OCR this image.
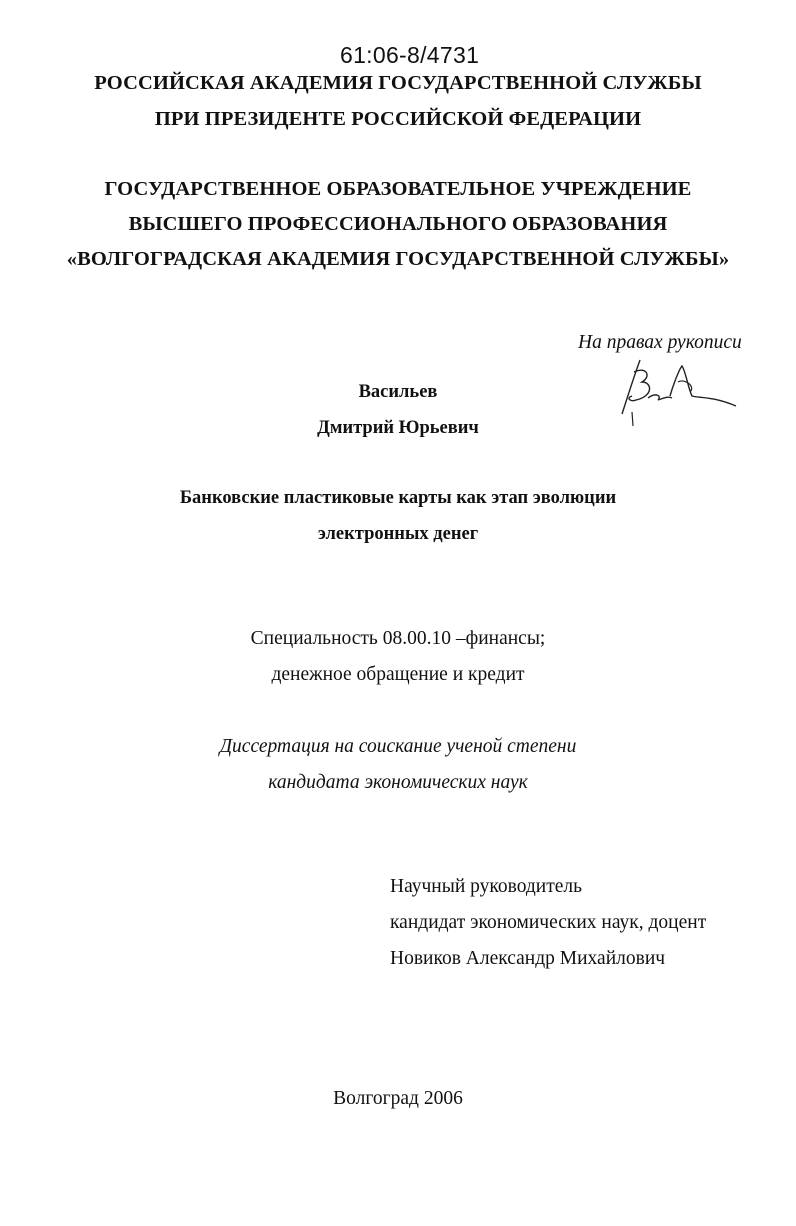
61:06-8/4731
РОССИЙСКАЯ АКАДЕМИЯ ГОСУДАРСТВЕННОЙ СЛУЖБЫ
ПРИ ПРЕЗИДЕНТЕ РОССИЙСКОЙ ФЕДЕРАЦИИ
ГОСУДАРСТВЕННОЕ ОБРАЗОВАТЕЛЬНОЕ УЧРЕЖДЕНИЕ
ВЫСШЕГО ПРОФЕССИОНАЛЬНОГО ОБРАЗОВАНИЯ
«ВОЛГОГРАДСКАЯ АКАДЕМИЯ ГОСУДАРСТВЕННОЙ СЛУЖБЫ»
На правах рукописи
Васильев
Дмитрий Юрьевич
Банковские пластиковые карты как этап эволюции
электронных денег
Специальность 08.00.10 –финансы;
денежное обращение и кредит
Диссертация на соискание ученой степени
кандидата экономических наук
Научный руководитель
кандидат экономических наук, доцент
Новиков Александр Михайлович
Волгоград 2006
